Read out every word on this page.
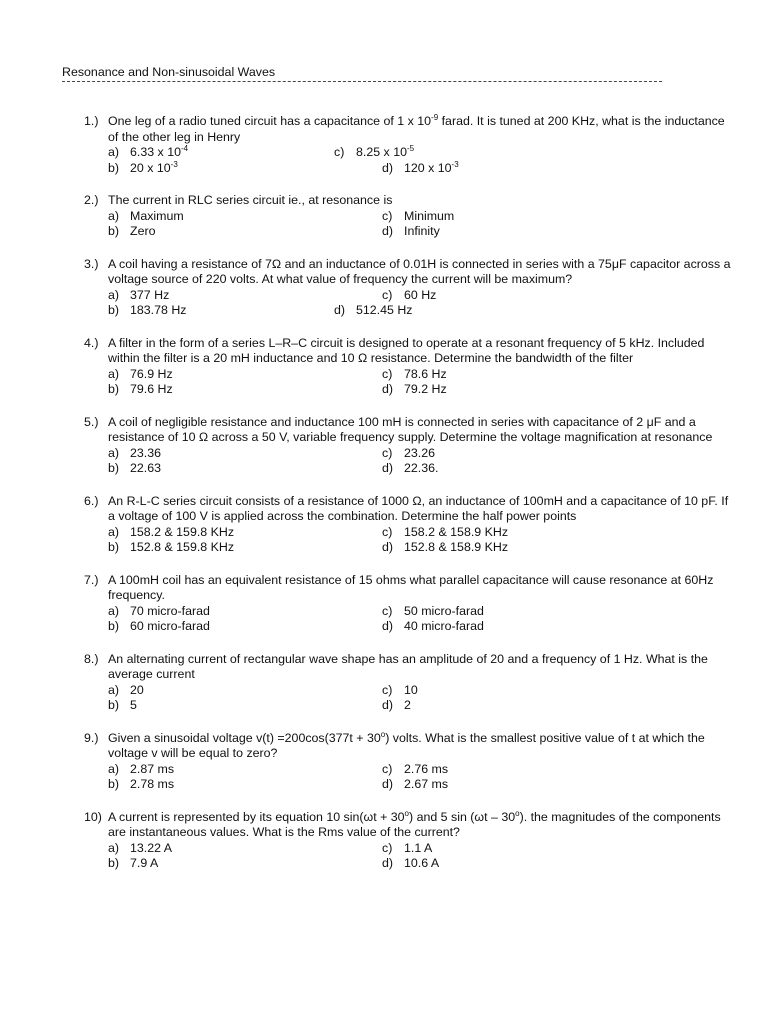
Resonance and Non-sinusoidal Waves
1.) One leg of a radio tuned circuit has a capacitance of 1 x $10^{-9}$ farad. It is tuned at 200 KHz, what is the inductance of the other leg in Henry
a) 6.33 x $10^{-4}$	c) 8.25 x $10^{-5}$
b) 20 x $10^{-3}$	d) 120 x $10^{-3}$
2.) The current in RLC series circuit ie., at resonance is
a) Maximum	c) Minimum
b) Zero	d) Infinity
3.) A coil having a resistance of 7Ω and an inductance of 0.01H is connected in series with a 75μF capacitor across a voltage source of 220 volts. At what value of frequency the current will be maximum?
a) 377 Hz	c) 60 Hz
b) 183.78 Hz	d) 512.45 Hz
4.) A filter in the form of a series L–R–C circuit is designed to operate at a resonant frequency of 5 kHz. Included within the filter is a 20 mH inductance and 10 Ω resistance. Determine the bandwidth of the filter
a) 76.9 Hz	c) 78.6 Hz
b) 79.6 Hz	d) 79.2 Hz
5.) A coil of negligible resistance and inductance 100 mH is connected in series with capacitance of 2 μF and a resistance of 10 Ω across a 50 V, variable frequency supply. Determine the voltage magnification at resonance
a) 23.36	c) 23.26
b) 22.63	d) 22.36.
6.) An R-L-C series circuit consists of a resistance of 1000 Ω, an inductance of 100mH and a capacitance of 10 pF. If a voltage of 100 V is applied across the combination. Determine the half power points
a) 158.2 & 159.8 KHz	c) 158.2 & 158.9 KHz
b) 152.8 & 159.8 KHz	d) 152.8 & 158.9 KHz
7.) A 100mH coil has an equivalent resistance of 15 ohms what parallel capacitance will cause resonance at 60Hz frequency.
a) 70 micro-farad	c) 50 micro-farad
b) 60 micro-farad	d) 40 micro-farad
8.) An alternating current of rectangular wave shape has an amplitude of 20 and a frequency of 1 Hz. What is the average current
a) 20	c) 10
b) 5	d) 2
9.) Given a sinusoidal voltage $v(t) =200\cos(377t + 30^o)$ volts. What is the smallest positive value of t at which the voltage v will be equal to zero?
a) 2.87 ms	c) 2.76 ms
b) 2.78 ms	d) 2.67 ms
10) A current is represented by its equation 10 $\sin(\omega t + 30^o)$ and 5 sin (ωt – 30$^o$). the magnitudes of the components are instantaneous values. What is the Rms value of the current?
a) 13.22 A	c) 1.1 A
b) 7.9 A	d) 10.6 A
